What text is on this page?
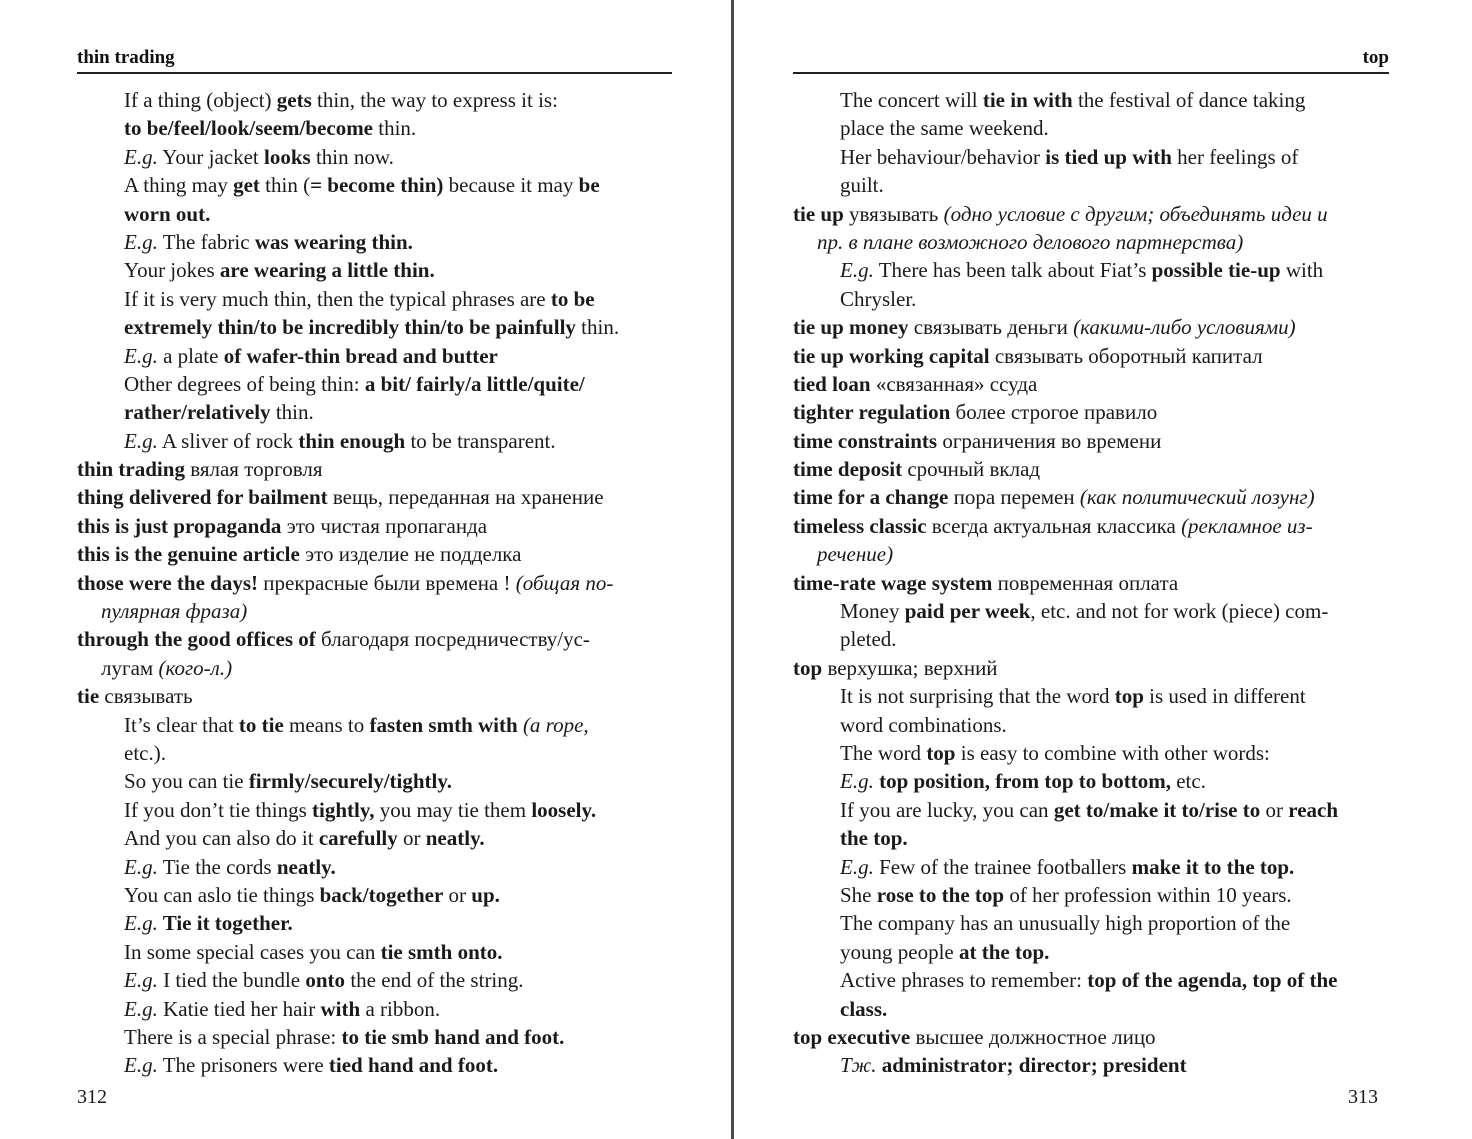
thin trading
If a thing (object) gets thin, the way to express it is:
to be/feel/look/seem/become thin.
E.g. Your jacket looks thin now.
A thing may get thin (= become thin) because it may be
worn out.
E.g. The fabric was wearing thin.
Your jokes are wearing a little thin.
If it is very much thin, then the typical phrases are to be
extremely thin/to be incredibly thin/to be painfully thin.
E.g. a plate of wafer-thin bread and butter
Other degrees of being thin: a bit/ fairly/a little/quite/
rather/relatively thin.
E.g. A sliver of rock thin enough to be transparent.
thin trading вялая торговля
thing delivered for bailment вещь, переданная на хранение
this is just propaganda это чистая пропаганда
this is the genuine article это изделие не подделка
those were the days! прекрасные были времена ! (общая по-
пулярная фраза)
through the good offices of благодаря посредничеству/ус-
лугам (кого-л.)
tie связывать
It’s clear that to tie means to fasten smth with (a rope,
etc.).
So you can tie firmly/securely/tightly.
If you don’t tie things tightly, you may tie them loosely.
And you can also do it carefully or neatly.
E.g. Tie the cords neatly.
You can aslo tie things back/together or up.
E.g. Tie it together.
In some special cases you can tie smth onto.
E.g. I tied the bundle onto the end of the string.
E.g. Katie tied her hair with a ribbon.
There is a special phrase: to tie smb hand and foot.
E.g. The prisoners were tied hand and foot.
312
top
The concert will tie in with the festival of dance taking
place the same weekend.
Her behaviour/behavior is tied up with her feelings of
guilt.
tie up увязывать (одно условие с другим; объединять идеи и
пр. в плане возможного делового партнерства)
E.g. There has been talk about Fiat’s possible tie-up with
Chrysler.
tie up money связывать деньги (какими-либо условиями)
tie up working capital связывать оборотный капитал
tied loan «связанная» ссуда
tighter regulation более строгое правило
time constraints ограничения во времени
time deposit срочный вклад
time for a change пора перемен (как политический лозунг)
timeless classic всегда актуальная классика (рекламное из-
речение)
time-rate wage system повременная оплата
Money paid per week, etc. and not for work (piece) com-
pleted.
top верхушка; верхний
It is not surprising that the word top is used in different
word combinations.
The word top is easy to combine with other words:
E.g. top position, from top to bottom, etc.
If you are lucky, you can get to/make it to/rise to or reach
the top.
E.g. Few of the trainee footballers make it to the top.
She rose to the top of her profession within 10 years.
The company has an unusually high proportion of the
young people at the top.
Active phrases to remember: top of the agenda, top of the
class.
top executive высшее должностное лицо
Тж. administrator; director; president
313
